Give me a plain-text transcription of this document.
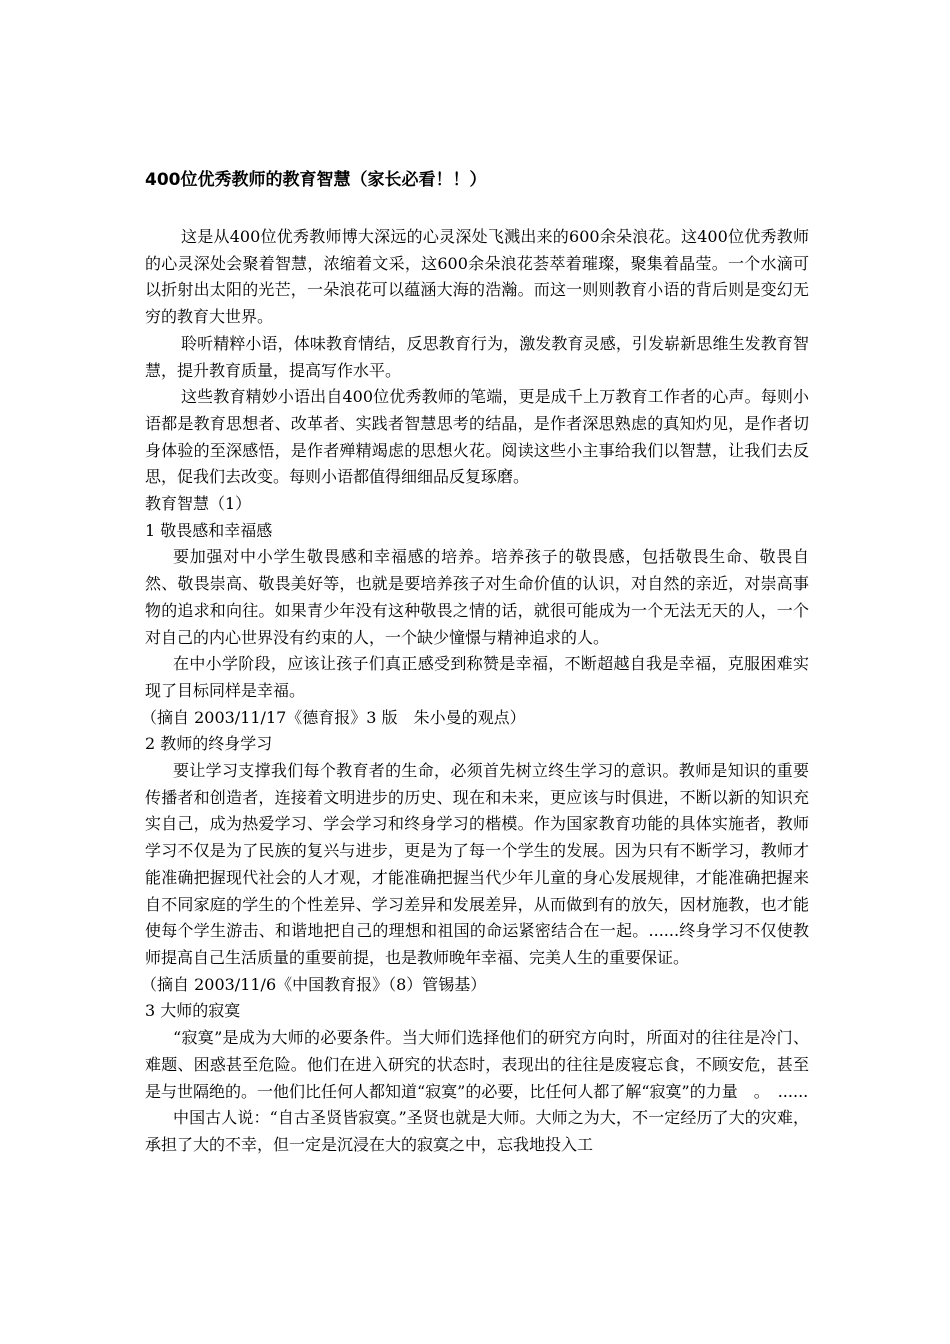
400位优秀教师的教育智慧（家长必看！！）

这是从400位优秀教师博大深远的心灵深处飞溅出来的600余朵浪花。这400位优秀教师的心灵深处会聚着智慧，浓缩着文采，这600余朵浪花荟萃着璀璨，聚集着晶莹。一个水滴可以折射出太阳的光芒，一朵浪花可以蕴涵大海的浩瀚。而这一则则教育小语的背后则是变幻无穷的教育大世界。

聆听精粹小语，体味教育情结，反思教育行为，激发教育灵感，引发崭新思维生发教育智慧，提升教育质量，提高写作水平。

这些教育精妙小语出自400位优秀教师的笔端，更是成千上万教育工作者的心声。每则小语都是教育思想者、改革者、实践者智慧思考的结晶，是作者深思熟虑的真知灼见，是作者切身体验的至深感悟，是作者殚精竭虑的思想火花。阅读这些小主事给我们以智慧，让我们去反思，促我们去改变。每则小语都值得细细品反复琢磨。

教育智慧（1）

1 敬畏感和幸福感

要加强对中小学生敬畏感和幸福感的培养。培养孩子的敬畏感，包括敬畏生命、敬畏自然、敬畏崇高、敬畏美好等，也就是要培养孩子对生命价值的认识，对自然的亲近，对崇高事物的追求和向往。如果青少年没有这种敬畏之情的话，就很可能成为一个无法无天的人，一个对自己的内心世界没有约束的人，一个缺少憧憬与精神追求的人。

在中小学阶段，应该让孩子们真正感受到称赞是幸福，不断超越自我是幸福，克服困难实现了目标同样是幸福。

（摘自 2003/11/17《德育报》3 版　朱小曼的观点）

2 教师的终身学习

要让学习支撑我们每个教育者的生命，必须首先树立终生学习的意识。教师是知识的重要传播者和创造者，连接着文明进步的历史、现在和未来，更应该与时俱进，不断以新的知识充实自己，成为热爱学习、学会学习和终身学习的楷模。作为国家教育功能的具体实施者，教师学习不仅是为了民族的复兴与进步，更是为了每一个学生的发展。因为只有不断学习，教师才能准确把握现代社会的人才观，才能准确把握当代少年儿童的身心发展规律，才能准确把握来自不同家庭的学生的个性差异、学习差异和发展差异，从而做到有的放矢，因材施教，也才能使每个学生游击、和谐地把自己的理想和祖国的命运紧密结合在一起。......终身学习不仅使教师提高自己生活质量的重要前提，也是教师晚年幸福、完美人生的重要保证。

（摘自 2003/11/6《中国教育报》（8）管锡基）

3 大师的寂寞

“寂寞”是成为大师的必要条件。当大师们选择他们的研究方向时，所面对的往往是冷门、难题、困惑甚至危险。他们在进入研究的状态时，表现出的往往是废寝忘食，不顾安危，甚至是与世隔绝的。一他们比任何人都知道“寂寞”的必要，比任何人都了解“寂寞”的力量　。　......

中国古人说：“自古圣贤皆寂寞。”圣贤也就是大师。大师之为大，不一定经历了大的灾难，承担了大的不幸，但一定是沉浸在大的寂寞之中，忘我地投入工
